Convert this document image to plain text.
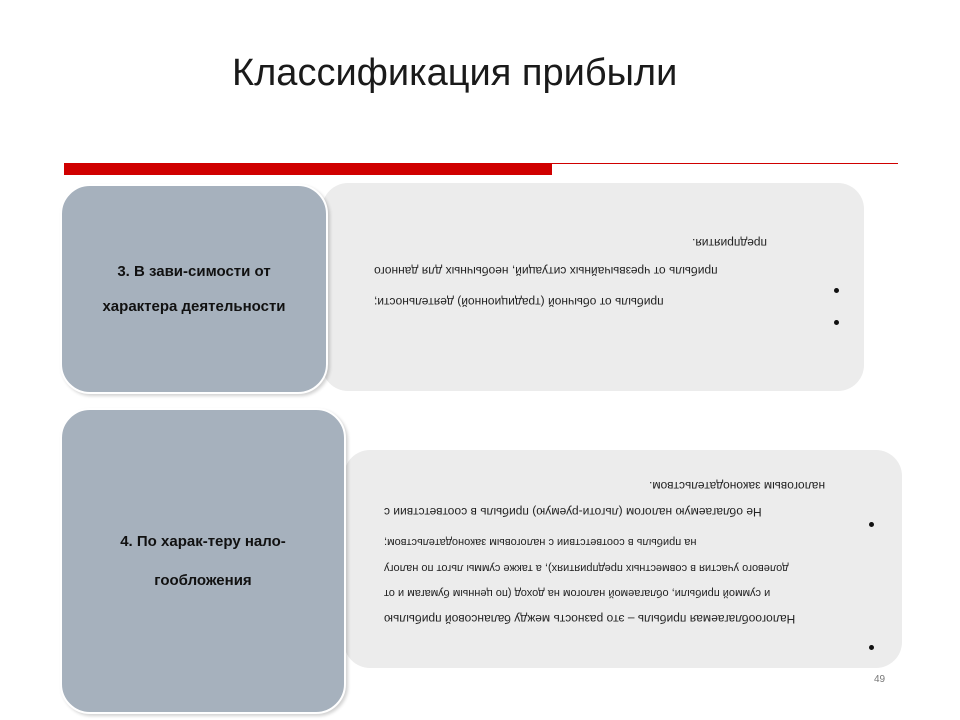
Классификация прибыли
предприятия.
прибыль от чрезвычайных ситуаций, необычных для данного
прибыль от обычной (традиционной) деятельности;
3. В зави-симости от
характера деятельности
налоговым законодательством.
Не облагаемую налогом (льготи-руемую) прибыль в соответствии с
на прибыль в соответствии с налоговым законодательством;
долевого участия в совместных предприятиях), а также суммы льгот по налогу
и суммой прибыли, облагаемой налогом на доход (по ценным бумагам и от
Налогооблагаемая прибыль – это разность между балансовой прибылью
4. По харак-теру нало-
гообложения
49
